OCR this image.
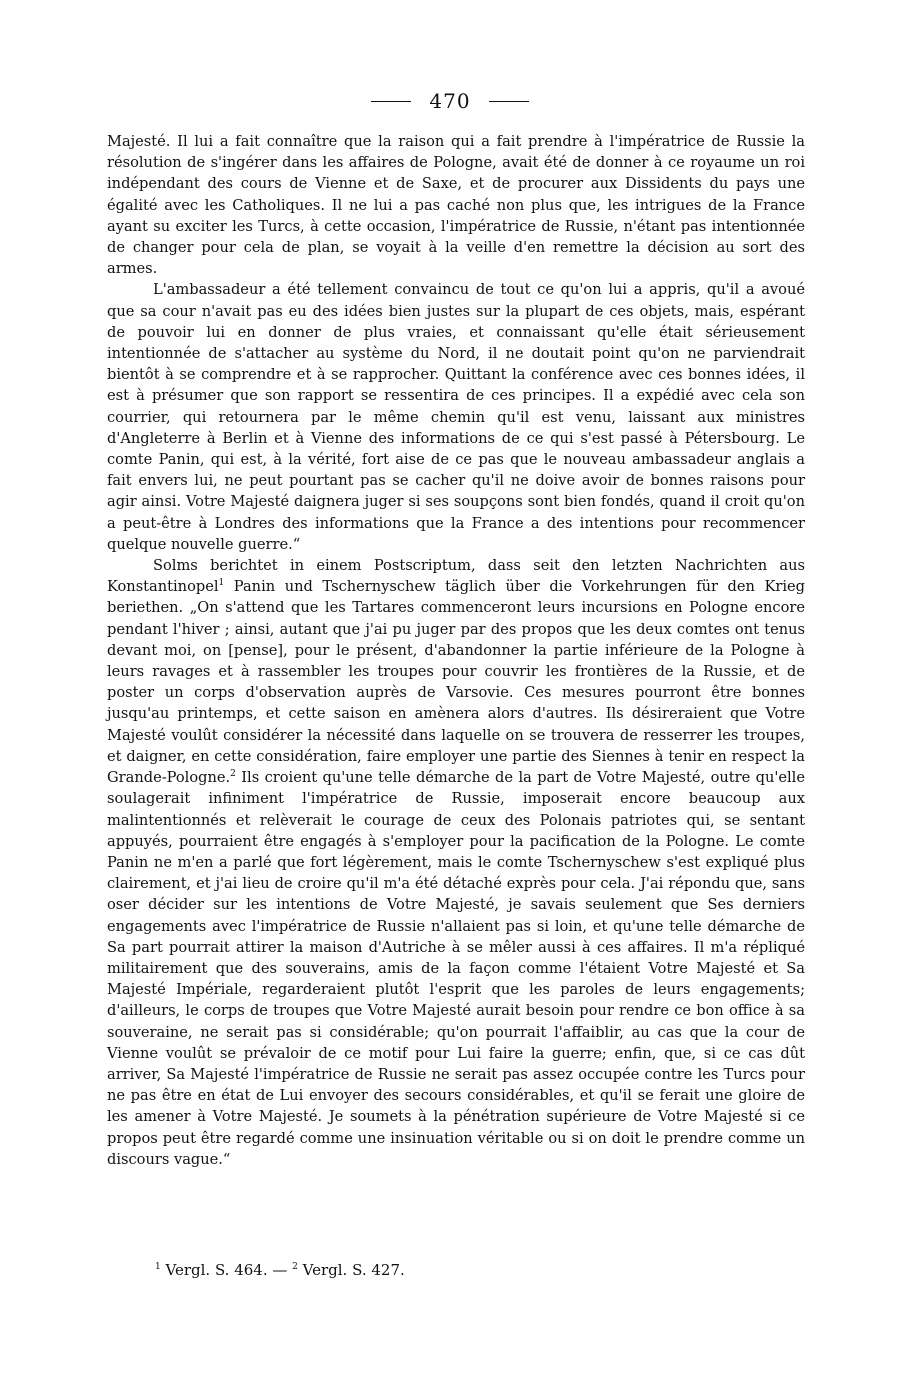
470

Majesté. Il lui a fait connaître que la raison qui a fait prendre à l'impératrice de Russie la résolution de s'ingérer dans les affaires de Pologne, avait été de donner à ce royaume un roi indépendant des cours de Vienne et de Saxe, et de procurer aux Dissidents du pays une égalité avec les Catholiques. Il ne lui a pas caché non plus que, les intrigues de la France ayant su exciter les Turcs, à cette occasion, l'impératrice de Russie, n'étant pas intentionnée de changer pour cela de plan, se voyait à la veille d'en remettre la décision au sort des armes.

L'ambassadeur a été tellement convaincu de tout ce qu'on lui a appris, qu'il a avoué que sa cour n'avait pas eu des idées bien justes sur la plupart de ces objets, mais, espérant de pouvoir lui en donner de plus vraies, et connaissant qu'elle était sérieusement intentionnée de s'attacher au système du Nord, il ne doutait point qu'on ne parviendrait bientôt à se comprendre et à se rapprocher. Quittant la conférence avec ces bonnes idées, il est à présumer que son rapport se ressentira de ces principes. Il a expédié avec cela son courrier, qui retournera par le même chemin qu'il est venu, laissant aux ministres d'Angleterre à Berlin et à Vienne des informations de ce qui s'est passé à Pétersbourg. Le comte Panin, qui est, à la vérité, fort aise de ce pas que le nouveau ambassadeur anglais a fait envers lui, ne peut pourtant pas se cacher qu'il ne doive avoir de bonnes raisons pour agir ainsi. Votre Majesté daignera juger si ses soupçons sont bien fondés, quand il croit qu'on a peut-être à Londres des informations que la France a des intentions pour recommencer quelque nouvelle guerre.“

Solms berichtet in einem Postscriptum, dass seit den letzten Nachrichten aus Konstantinopel$^1$ Panin und Tschernyschew täglich über die Vorkehrungen für den Krieg beriethen. „On s'attend que les Tartares commenceront leurs incursions en Pologne encore pendant l'hiver ; ainsi, autant que j'ai pu juger par des propos que les deux comtes ont tenus devant moi, on [pense], pour le présent, d'abandonner la partie inférieure de la Pologne à leurs ravages et à rassembler les troupes pour couvrir les frontières de la Russie, et de poster un corps d'observation auprès de Varsovie. Ces mesures pourront être bonnes jusqu'au printemps, et cette saison en amènera alors d'autres. Ils désireraient que Votre Majesté voulût considérer la nécessité dans laquelle on se trouvera de resserrer les troupes, et daigner, en cette considération, faire employer une partie des Siennes à tenir en respect la Grande-Pologne.$^2$ Ils croient qu'une telle démarche de la part de Votre Majesté, outre qu'elle soulagerait infiniment l'impératrice de Russie, imposerait encore beaucoup aux malintentionnés et relèverait le courage de ceux des Polonais patriotes qui, se sentant appuyés, pourraient être engagés à s'employer pour la pacification de la Pologne. Le comte Panin ne m'en a parlé que fort légèrement, mais le comte Tschernyschew s'est expliqué plus clairement, et j'ai lieu de croire qu'il m'a été détaché exprès pour cela. J'ai répondu que, sans oser décider sur les intentions de Votre Majesté, je savais seulement que Ses derniers engagements avec l'impératrice de Russie n'allaient pas si loin, et qu'une telle démarche de Sa part pourrait attirer la maison d'Autriche à se mêler aussi à ces affaires. Il m'a répliqué militairement que des souverains, amis de la façon comme l'étaient Votre Majesté et Sa Majesté Impériale, regarderaient plutôt l'esprit que les paroles de leurs engagements; d'ailleurs, le corps de troupes que Votre Majesté aurait besoin pour rendre ce bon office à sa souveraine, ne serait pas si considérable; qu'on pourrait l'affaiblir, au cas que la cour de Vienne voulût se prévaloir de ce motif pour Lui faire la guerre; enfin, que, si ce cas dût arriver, Sa Majesté l'impératrice de Russie ne serait pas assez occupée contre les Turcs pour ne pas être en état de Lui envoyer des secours considérables, et qu'il se ferait une gloire de les amener à Votre Majesté. Je soumets à la pénétration supérieure de Votre Majesté si ce propos peut être regardé comme une insinuation véritable ou si on doit le prendre comme un discours vague.“

$^1$ Vergl. S. 464. — $^2$ Vergl. S. 427.
